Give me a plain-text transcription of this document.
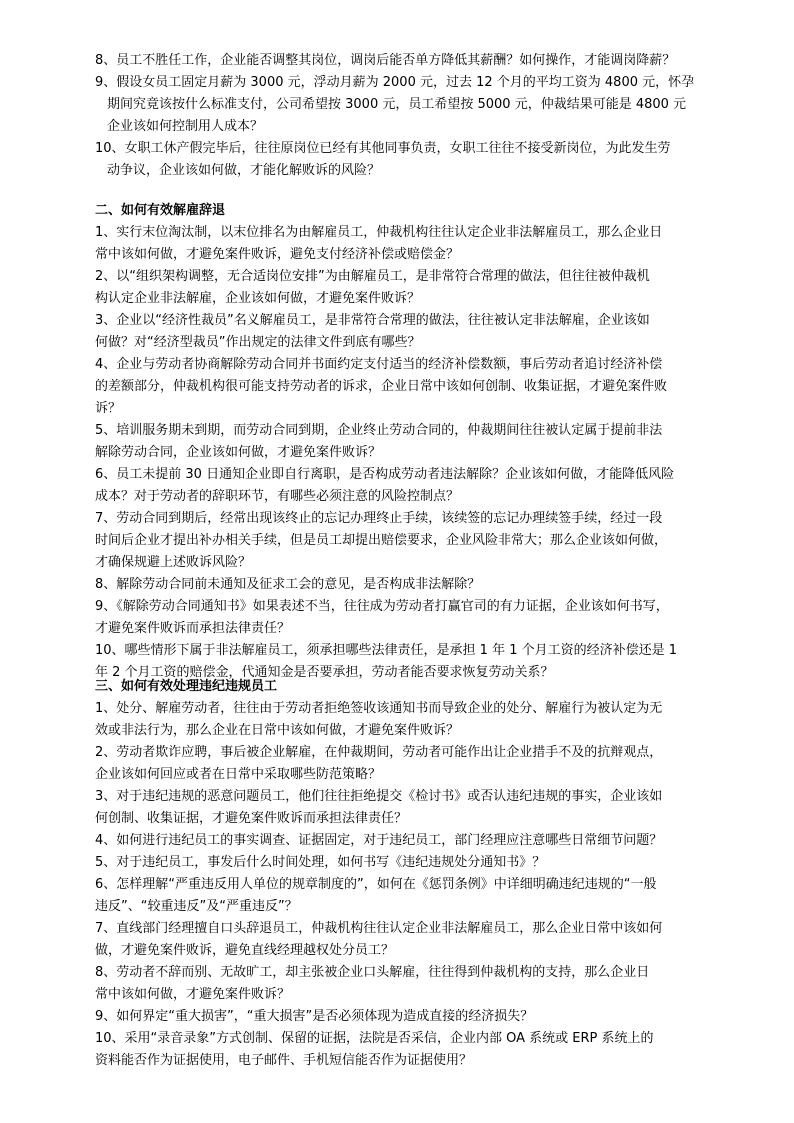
8、员工不胜任工作，企业能否调整其岗位，调岗后能否单方降低其薪酬？如何操作，才能调岗降薪？
9、假设女员工固定月薪为 3000 元，浮动月薪为 2000 元，过去 12 个月的平均工资为 4800 元，怀孕
期间究竟该按什么标准支付，公司希望按 3000 元，员工希望按 5000 元，仲裁结果可能是 4800 元
企业该如何控制用人成本？
10、女职工休产假完毕后，往往原岗位已经有其他同事负责，女职工往往不接受新岗位，为此发生劳
动争议，企业该如何做，才能化解败诉的风险？
二、如何有效解雇辞退
1、实行末位淘汰制，以末位排名为由解雇员工，仲裁机构往往认定企业非法解雇员工，那么企业日
常中该如何做，才避免案件败诉，避免支付经济补偿或赔偿金？
2、以“组织架构调整，无合适岗位安排”为由解雇员工，是非常符合常理的做法，但往往被仲裁机
构认定企业非法解雇，企业该如何做，才避免案件败诉？
3、企业以“经济性裁员”名义解雇员工，是非常符合常理的做法，往往被认定非法解雇，企业该如
何做？对“经济型裁员”作出规定的法律文件到底有哪些？
4、企业与劳动者协商解除劳动合同并书面约定支付适当的经济补偿数额，事后劳动者追讨经济补偿
的差额部分，仲裁机构很可能支持劳动者的诉求，企业日常中该如何创制、收集证据，才避免案件败
诉？
5、培训服务期未到期，而劳动合同到期，企业终止劳动合同的，仲裁期间往往被认定属于提前非法
解除劳动合同，企业该如何做，才避免案件败诉？
6、员工未提前 30 日通知企业即自行离职，是否构成劳动者违法解除？企业该如何做，才能降低风险
成本？对于劳动者的辞职环节，有哪些必须注意的风险控制点？
7、劳动合同到期后，经常出现该终止的忘记办理终止手续，该续签的忘记办理续签手续，经过一段
时间后企业才提出补办相关手续，但是员工却提出赔偿要求，企业风险非常大；那么企业该如何做，
才确保规避上述败诉风险？
8、解除劳动合同前未通知及征求工会的意见，是否构成非法解除？
9、《解除劳动合同通知书》如果表述不当，往往成为劳动者打赢官司的有力证据，企业该如何书写，
才避免案件败诉而承担法律责任？
10、哪些情形下属于非法解雇员工，须承担哪些法律责任，是承担 1 年 1 个月工资的经济补偿还是 1
年 2 个月工资的赔偿金，代通知金是否要承担，劳动者能否要求恢复劳动关系？
三、如何有效处理违纪违规员工
1、处分、解雇劳动者，往往由于劳动者拒绝签收该通知书而导致企业的处分、解雇行为被认定为无
效或非法行为，那么企业在日常中该如何做，才避免案件败诉？
2、劳动者欺诈应聘，事后被企业解雇，在仲裁期间，劳动者可能作出让企业措手不及的抗辩观点，
企业该如何回应或者在日常中采取哪些防范策略？
3、对于违纪违规的恶意问题员工，他们往往拒绝提交《检讨书》或否认违纪违规的事实，企业该如
何创制、收集证据，才避免案件败诉而承担法律责任？
4、如何进行违纪员工的事实调查、证据固定，对于违纪员工，部门经理应注意哪些日常细节问题？
5、对于违纪员工，事发后什么时间处理，如何书写《违纪违规处分通知书》？
6、怎样理解“严重违反用人单位的规章制度的”，如何在《惩罚条例》中详细明确违纪违规的“一般
违反”、“较重违反”及“严重违反”？
7、直线部门经理擅自口头辞退员工，仲裁机构往往认定企业非法解雇员工，那么企业日常中该如何
做，才避免案件败诉，避免直线经理越权处分员工？
8、劳动者不辞而别、无故旷工，却主张被企业口头解雇，往往得到仲裁机构的支持，那么企业日
常中该如何做，才避免案件败诉？
9、如何界定“重大损害”，“重大损害”是否必须体现为造成直接的经济损失？
10、采用“录音录象”方式创制、保留的证据，法院是否采信，企业内部 OA 系统或 ERP 系统上的
资料能否作为证据使用，电子邮件、手机短信能否作为证据使用？
